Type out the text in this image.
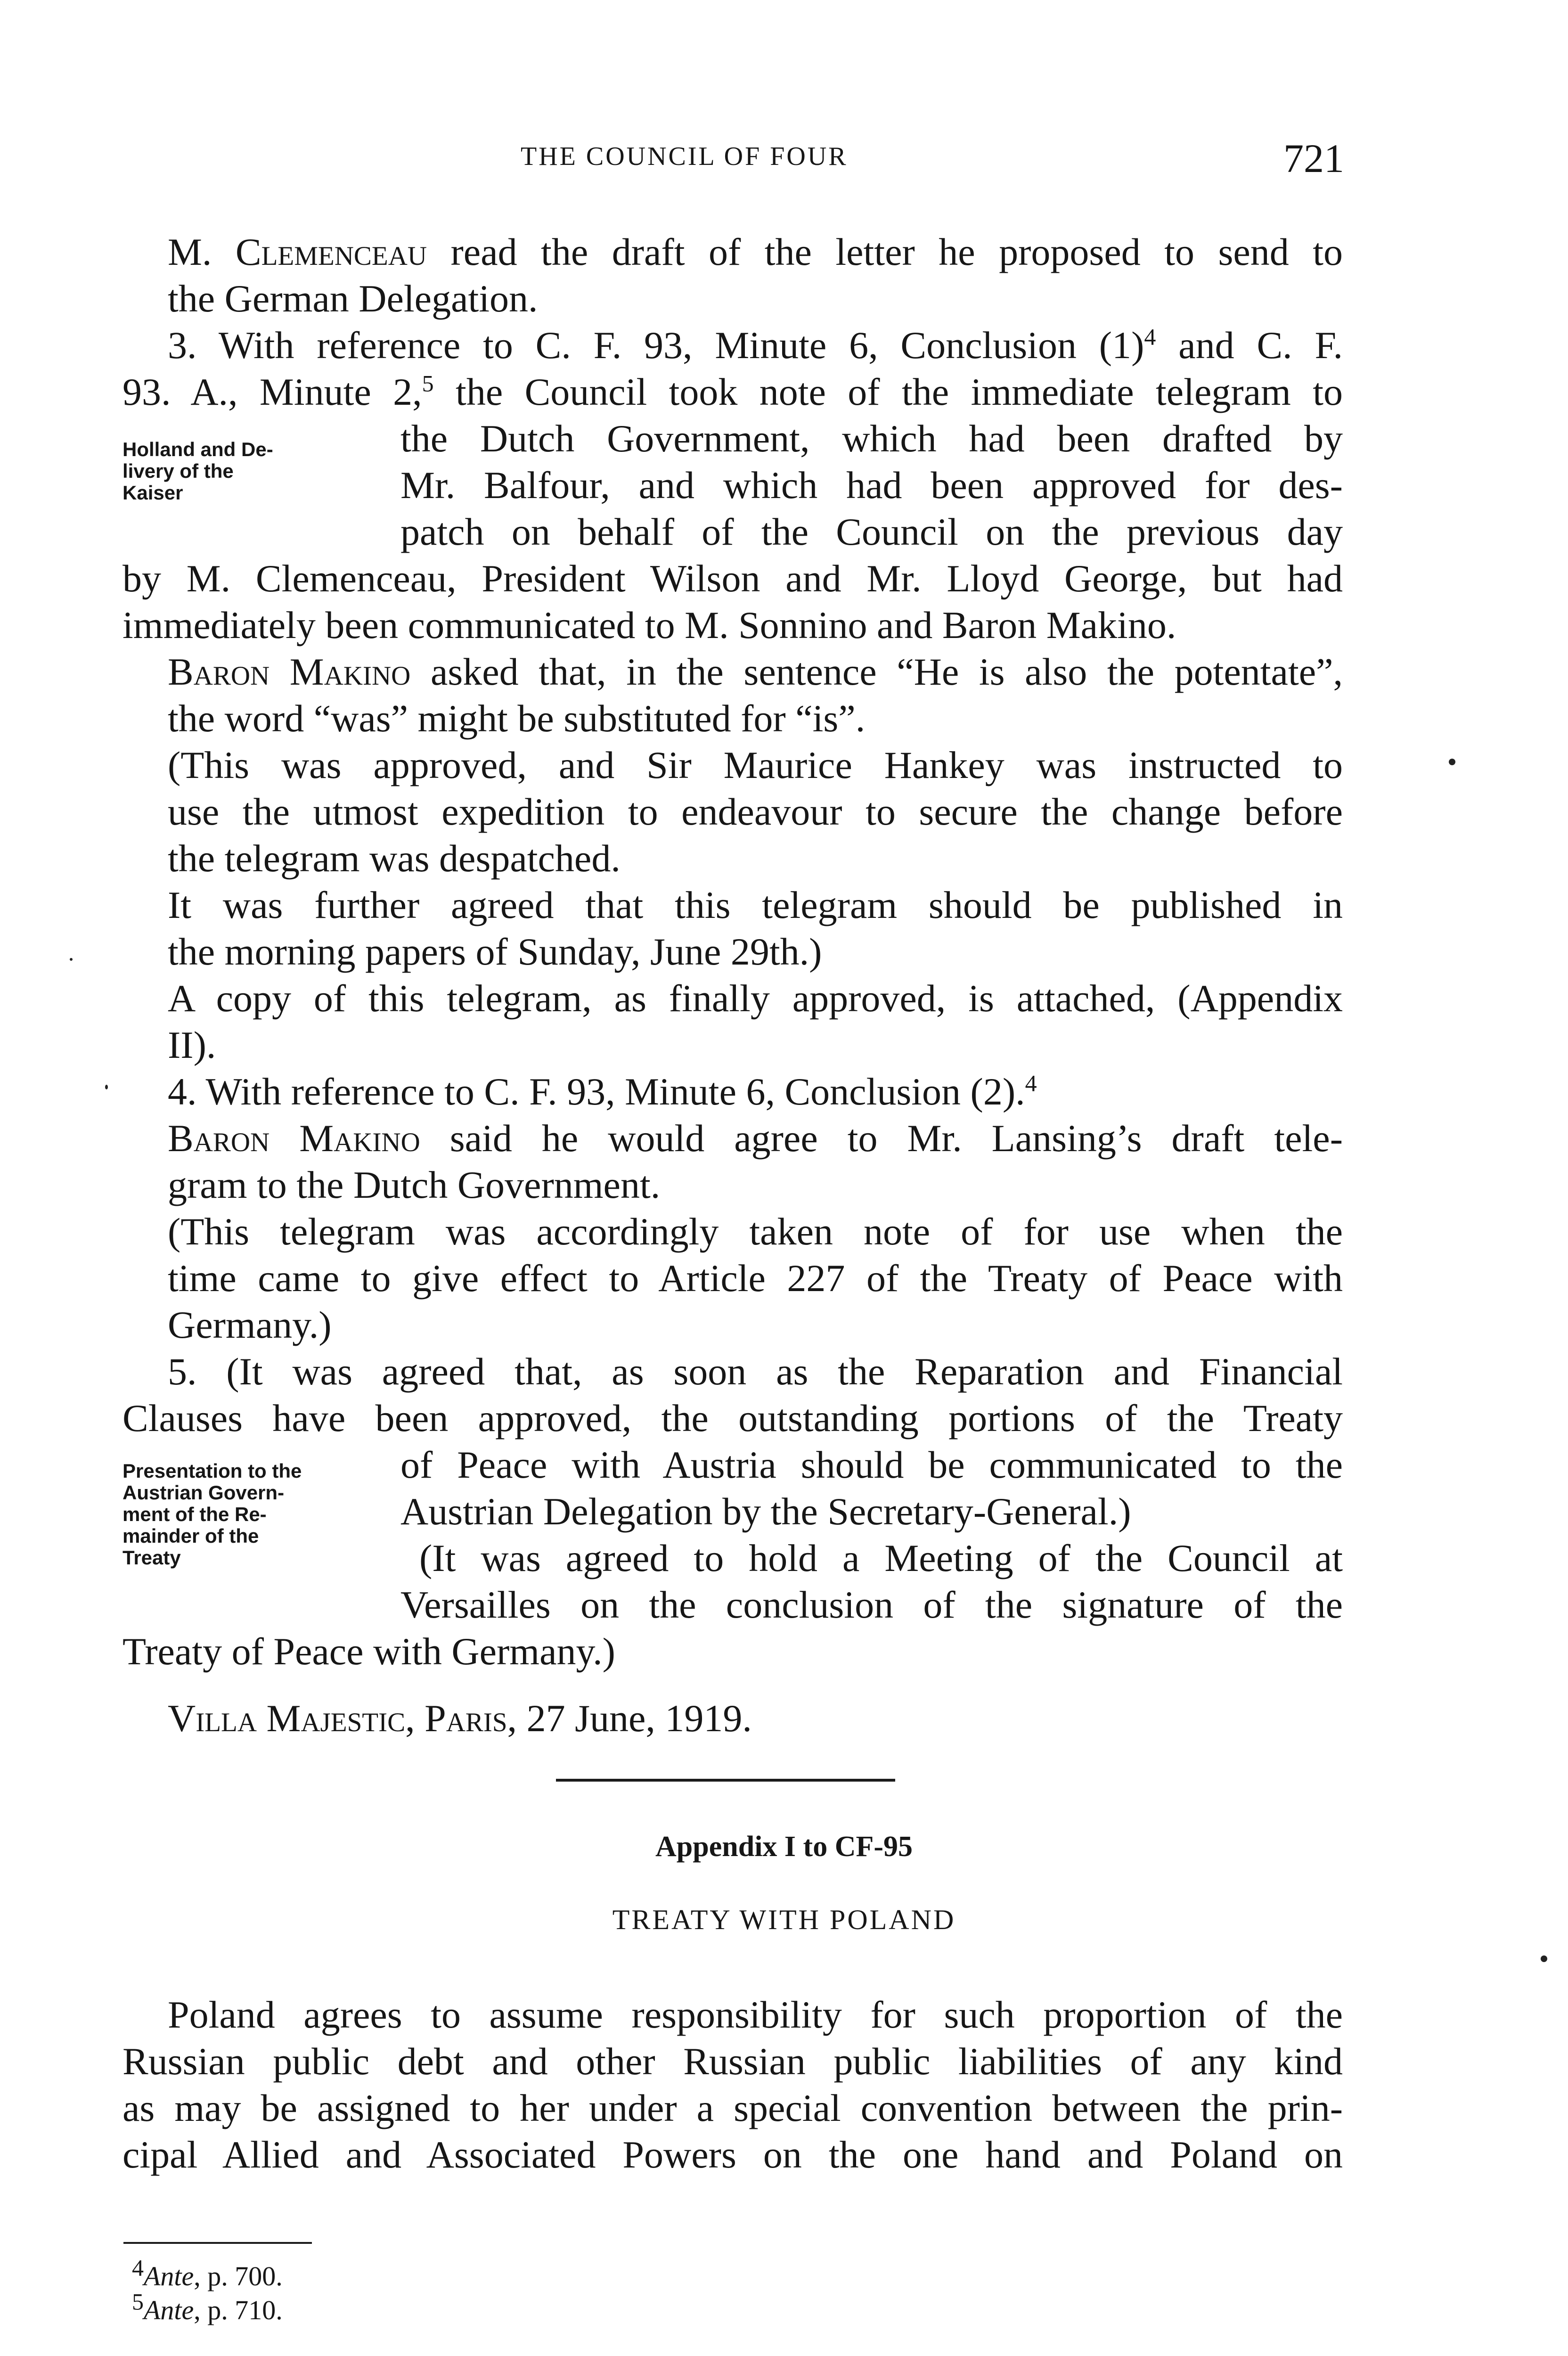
THE COUNCIL OF FOUR	721

M. Clemenceau read the draft of the letter he proposed to send to
the German Delegation.

3. With reference to C. F. 93, Minute 6, Conclusion $(1)^4$ and C. F.
93. A., Minute 2,$^5$ the Council took note of the immediate telegram to

Holland and De-
livery of the
Kaiser

the Dutch Government, which had been drafted by
Mr. Balfour, and which had been approved for des-
patch on behalf of the Council on the previous day

by M. Clemenceau, President Wilson and Mr. Lloyd George, but had
immediately been communicated to M. Sonnino and Baron Makino.

Baron Makino asked that, in the sentence “He is also the potentate”,
the word “was” might be substituted for “is”.

(This was approved, and Sir Maurice Hankey was instructed to
use the utmost expedition to endeavour to secure the change before
the telegram was despatched.

It was further agreed that this telegram should be published in
the morning papers of Sunday, June 29th.)

A copy of this telegram, as finally approved, is attached, (Appendix
II).

4. With reference to C. F. 93, Minute 6, Conclusion (2).$^4$

Baron Makino said he would agree to Mr. Lansing’s draft tele-
gram to the Dutch Government.

(This telegram was accordingly taken note of for use when the
time came to give effect to Article 227 of the Treaty of Peace with
Germany.)

5. (It was agreed that, as soon as the Reparation and Financial
Clauses have been approved, the outstanding portions of the Treaty

Presentation to the
Austrian Govern-
ment of the Re-
mainder of the
Treaty

of Peace with Austria should be communicated to the
Austrian Delegation by the Secretary-General.)
(It was agreed to hold a Meeting of the Council at
Versailles on the conclusion of the signature of the

Treaty of Peace with Germany.)

Villa Majestic, Paris, 27 June, 1919.

Appendix I to CF-95
TREATY WITH POLAND

Poland agrees to assume responsibility for such proportion of the
Russian public debt and other Russian public liabilities of any kind
as may be assigned to her under a special convention between the prin-
cipal Allied and Associated Powers on the one hand and Poland on

$^4$Ante, p. 700.
$^5$Ante, p. 710.
